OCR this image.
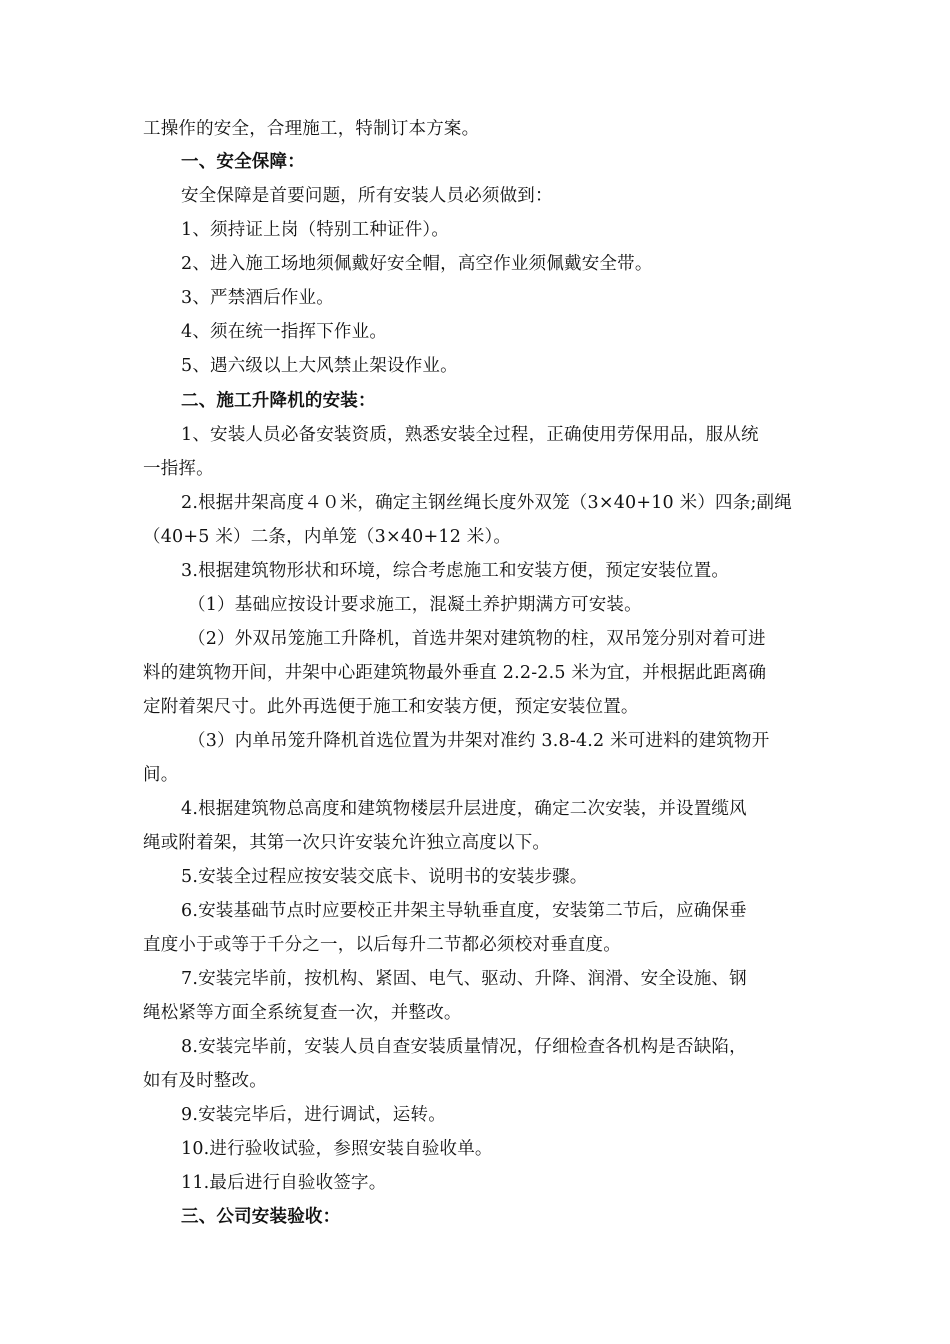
工操作的安全，合理施工，特制订本方案。
一、安全保障：
安全保障是首要问题，所有安装人员必须做到：
1、须持证上岗（特别工种证件）。
2、进入施工场地须佩戴好安全帽，高空作业须佩戴安全带。
3、严禁酒后作业。
4、须在统一指挥下作业。
5、遇六级以上大风禁止架设作业。
二、施工升降机的安装：
1、安装人员必备安装资质，熟悉安装全过程，正确使用劳保用品，服从统
一指挥。
2.根据井架高度４０米，确定主钢丝绳长度外双笼（3×40+10 米）四条;副绳
（40+5 米）二条，内单笼（3×40+12 米）。
3.根据建筑物形状和环境，综合考虑施工和安装方便，预定安装位置。
（1）基础应按设计要求施工，混凝土养护期满方可安装。
（2）外双吊笼施工升降机，首选井架对建筑物的柱，双吊笼分别对着可进
料的建筑物开间，井架中心距建筑物最外垂直 2.2-2.5 米为宜，并根据此距离确
定附着架尺寸。此外再选便于施工和安装方便，预定安装位置。
（3）内单吊笼升降机首选位置为井架对准约 3.8-4.2 米可进料的建筑物开
间。
4.根据建筑物总高度和建筑物楼层升层进度，确定二次安装，并设置缆风
绳或附着架，其第一次只许安装允许独立高度以下。
5.安装全过程应按安装交底卡、说明书的安装步骤。
6.安装基础节点时应要校正井架主导轨垂直度，安装第二节后，应确保垂
直度小于或等于千分之一，以后每升二节都必须校对垂直度。
7.安装完毕前，按机构、紧固、电气、驱动、升降、润滑、安全设施、钢
绳松紧等方面全系统复查一次，并整改。
8.安装完毕前，安装人员自查安装质量情况，仔细检查各机构是否缺陷，
如有及时整改。
9.安装完毕后，进行调试，运转。
10.进行验收试验，参照安装自验收单。
11.最后进行自验收签字。
三、公司安装验收：
